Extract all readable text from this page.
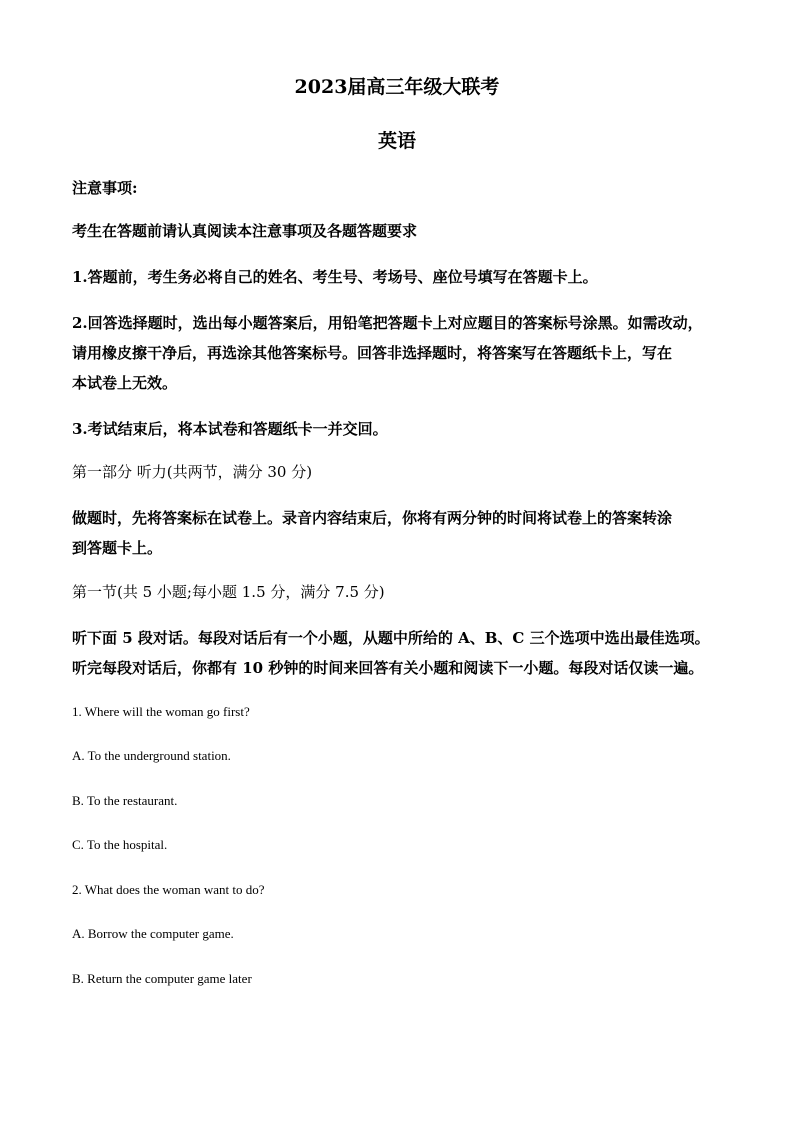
2023届高三年级大联考
英语
注意事项:
考生在答题前请认真阅读本注意事项及各题答题要求
1.答题前，考生务必将自己的姓名、考生号、考场号、座位号填写在答题卡上。
2.回答选择题时，选出每小题答案后，用铅笔把答题卡上对应题目的答案标号涂黑。如需改动，
请用橡皮擦干净后，再选涂其他答案标号。回答非选择题时，将答案写在答题纸卡上，写在
本试卷上无效。
3.考试结束后，将本试卷和答题纸卡一并交回。
第一部分 听力(共两节，满分 30 分)
做题时，先将答案标在试卷上。录音内容结束后，你将有两分钟的时间将试卷上的答案转涂
到答题卡上。
第一节(共 5 小题;每小题 1.5 分，满分 7.5 分)
听下面 5 段对话。每段对话后有一个小题，从题中所给的 A、B、C 三个选项中选出最佳选项。
听完每段对话后，你都有 10 秒钟的时间来回答有关小题和阅读下一小题。每段对话仅读一遍。
1. Where will the woman go first?
A. To the underground station.
B. To the restaurant.
C. To the hospital.
2. What does the woman want to do?
A. Borrow the computer game.
B. Return the computer game later
